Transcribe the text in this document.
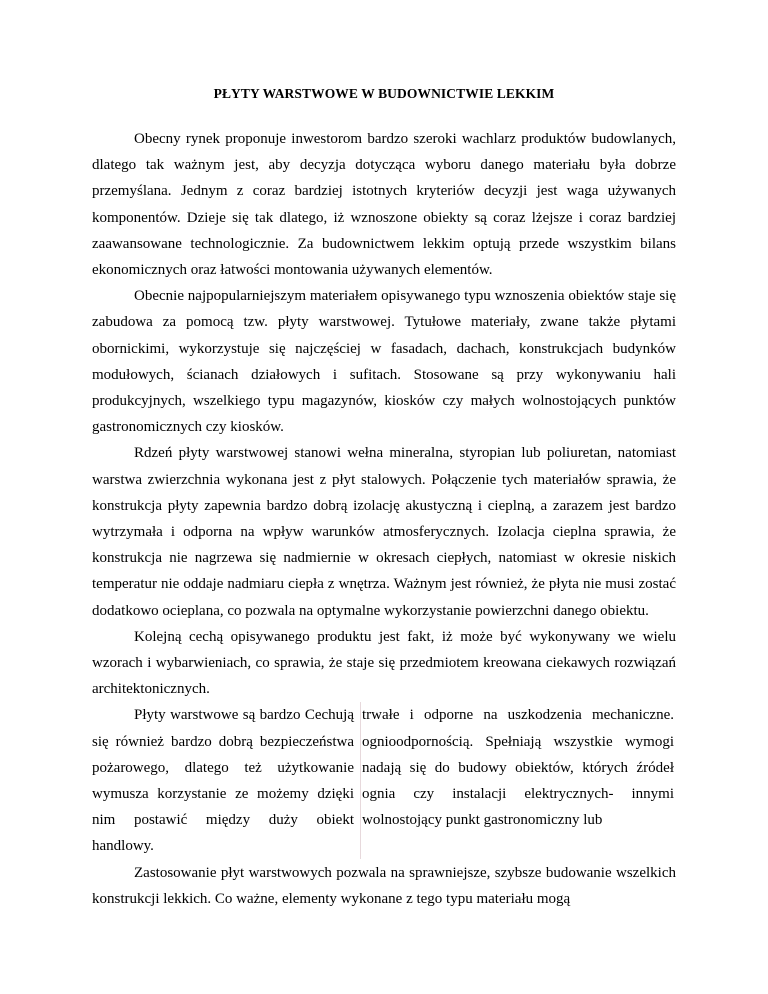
PŁYTY WARSTWOWE W BUDOWNICTWIE LEKKIM

Obecny rynek proponuje inwestorom bardzo szeroki wachlarz produktów budowlanych, dlatego tak ważnym jest, aby decyzja dotycząca wyboru danego materiału była dobrze przemyślana. Jednym z coraz bardziej istotnych kryteriów decyzji jest waga używanych komponentów. Dzieje się tak dlatego, iż wznoszone obiekty są coraz lżejsze i coraz bardziej zaawansowane technologicznie. Za budownictwem lekkim optują przede wszystkim bilans ekonomicznych oraz łatwości montowania używanych elementów.

Obecnie najpopularniejszym materiałem opisywanego typu wznoszenia obiektów staje się zabudowa za pomocą tzw. płyty warstwowej. Tytułowe materiały, zwane także płytami obornickimi, wykorzystuje się najczęściej w fasadach, dachach, konstrukcjach budynków modułowych, ścianach działowych i sufitach. Stosowane są przy wykonywaniu hali produkcyjnych, wszelkiego typu magazynów, kiosków czy małych wolnostojących punktów gastronomicznych czy kiosków.

Rdzeń płyty warstwowej stanowi wełna mineralna, styropian lub poliuretan, natomiast warstwa zwierzchnia wykonana jest z płyt stalowych. Połączenie tych materiałów sprawia, że konstrukcja płyty zapewnia bardzo dobrą izolację akustyczną i cieplną, a zarazem jest bardzo wytrzymała i odporna na wpływ warunków atmosferycznych. Izolacja cieplna sprawia, że konstrukcja nie nagrzewa się nadmiernie w okresach ciepłych, natomiast w okresie niskich temperatur nie oddaje nadmiaru ciepła z wnętrza. Ważnym jest również, że płyta nie musi zostać dodatkowo ocieplana, co pozwala na optymalne wykorzystanie powierzchni danego obiektu.

Kolejną cechą opisywanego produktu jest fakt, iż może być wykonywany we wielu wzorach i wybarwieniach, co sprawia, że staje się przedmiotem kreowana ciekawych rozwiązań architektonicznych.

Płyty warstwowe są bardzo Cechują się również bardzo dobrą bezpieczeństwa pożarowego, dlatego też użytkowanie wymusza korzystanie ze możemy dzięki nim postawić między duży obiekt handlowy.

trwałe i odporne na uszkodzenia mechaniczne. ognioodpornością. Spełniają wszystkie wymogi nadają się do budowy obiektów, których źródeł ognia czy instalacji elektrycznych- innymi wolnostojący punkt gastronomiczny lub

Zastosowanie płyt warstwowych pozwala na sprawniejsze, szybsze budowanie wszelkich konstrukcji lekkich. Co ważne, elementy wykonane z tego typu materiału mogą
